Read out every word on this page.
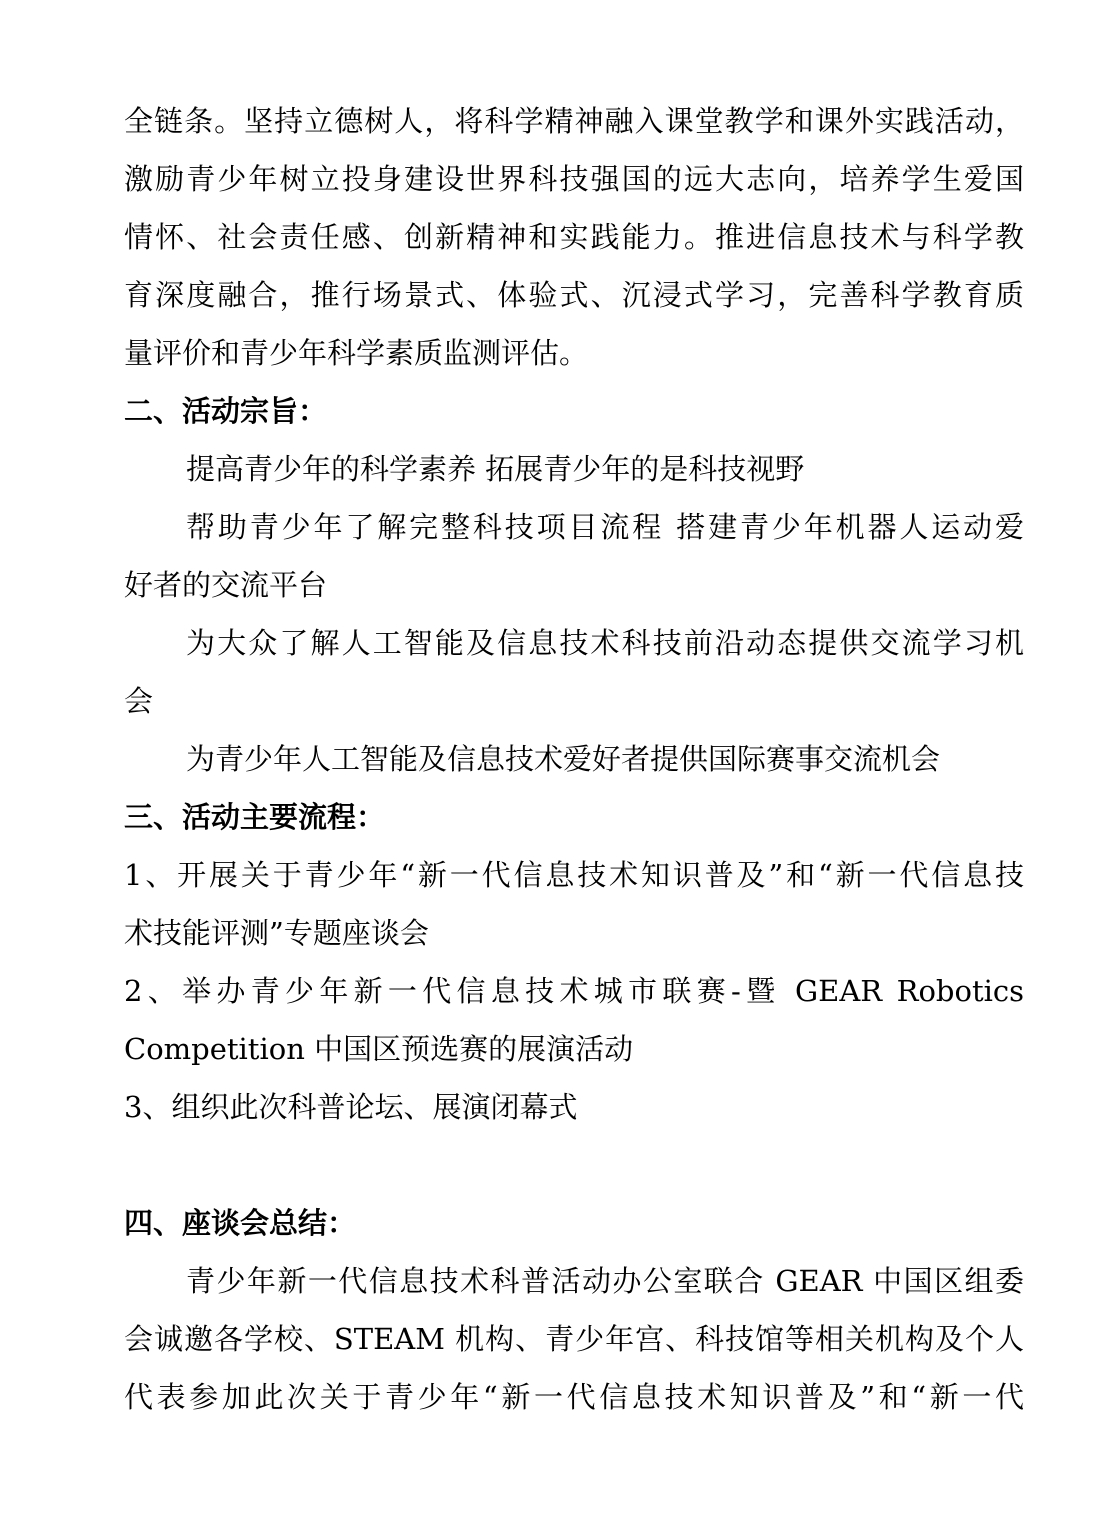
全链条。坚持立德树人，将科学精神融入课堂教学和课外实践活动，
激励青少年树立投身建设世界科技强国的远大志向，培养学生爱国
情怀、社会责任感、创新精神和实践能力。推进信息技术与科学教
育深度融合，推行场景式、体验式、沉浸式学习，完善科学教育质
量评价和青少年科学素质监测评估。
二、活动宗旨：
提高青少年的科学素养 拓展青少年的是科技视野
帮助青少年了解完整科技项目流程 搭建青少年机器人运动爱
好者的交流平台
为大众了解人工智能及信息技术科技前沿动态提供交流学习机
会
为青少年人工智能及信息技术爱好者提供国际赛事交流机会
三、活动主要流程：
1、开展关于青少年“新一代信息技术知识普及”和“新一代信息技
术技能评测”专题座谈会
2、举办青少年新一代信息技术城市联赛-暨 GEAR Robotics
Competition 中国区预选赛的展演活动
3、组织此次科普论坛、展演闭幕式
四、座谈会总结：
青少年新一代信息技术科普活动办公室联合 GEAR 中国区组委
会诚邀各学校、STEAM 机构、青少年宫、科技馆等相关机构及个人
代表参加此次关于青少年“新一代信息技术知识普及”和“新一代
